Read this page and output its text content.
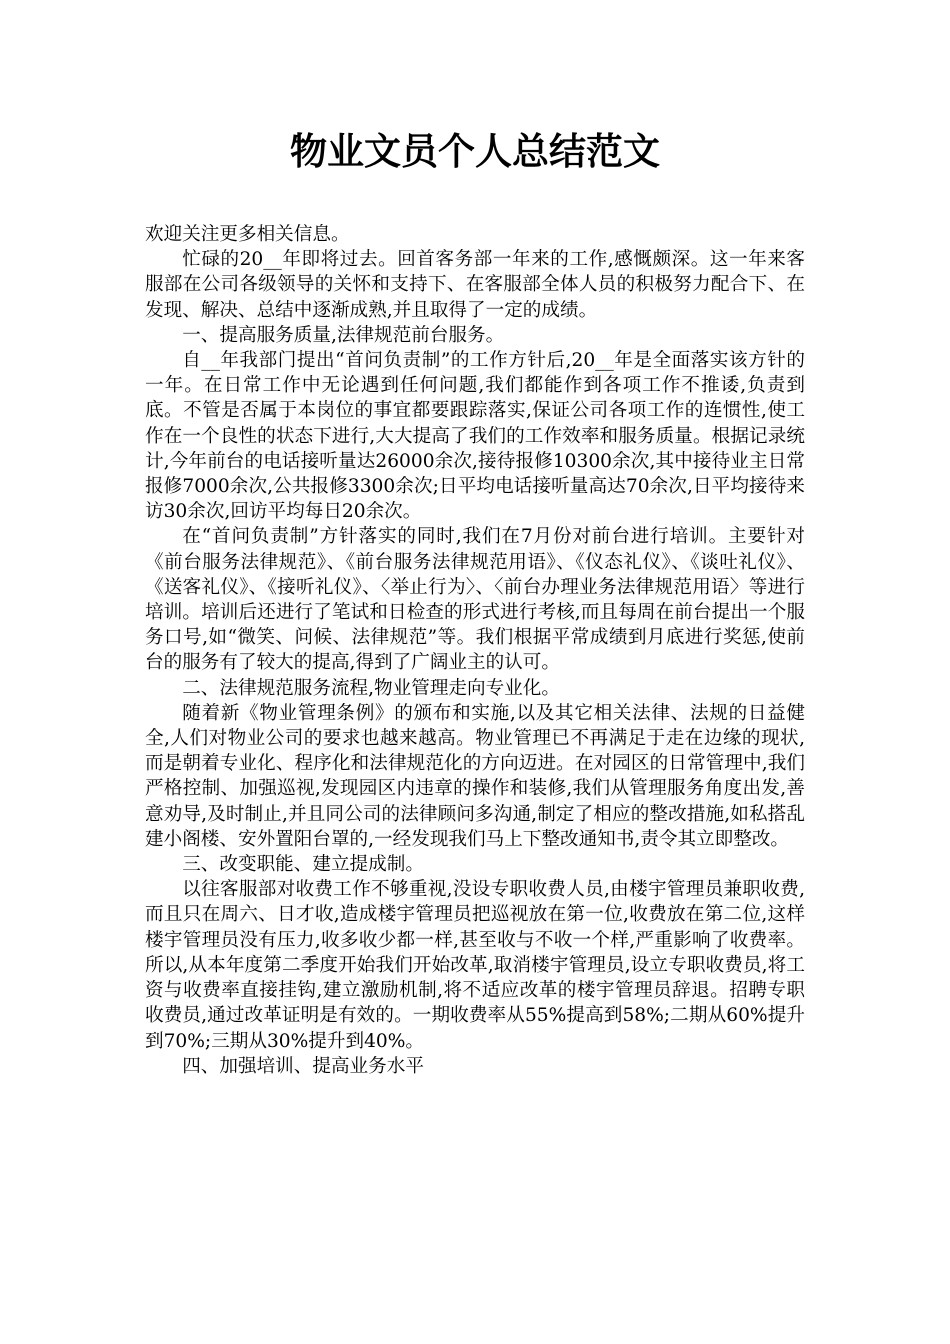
物业文员个人总结范文

欢迎关注更多相关信息。

忙碌的20__年即将过去。回首客务部一年来的工作,感慨颇深。这一年来客服部在公司各级领导的关怀和支持下、在客服部全体人员的积极努力配合下、在发现、解决、总结中逐渐成熟,并且取得了一定的成绩。

一、提高服务质量,法律规范前台服务。

自__年我部门提出“首问负责制”的工作方针后,20__年是全面落实该方针的一年。在日常工作中无论遇到任何问题,我们都能作到各项工作不推诿,负责到底。不管是否属于本岗位的事宜都要跟踪落实,保证公司各项工作的连惯性,使工作在一个良性的状态下进行,大大提高了我们的工作效率和服务质量。根据记录统计,今年前台的电话接听量达26000余次,接待报修10300余次,其中接待业主日常报修7000余次,公共报修3300余次;日平均电话接听量高达70余次,日平均接待来访30余次,回访平均每日20余次。

在“首问负责制”方针落实的同时,我们在7月份对前台进行培训。主要针对《前台服务法律规范》、《前台服务法律规范用语》、《仪态礼仪》、《谈吐礼仪》、《送客礼仪》、《接听礼仪》、〈举止行为〉、〈前台办理业务法律规范用语〉等进行培训。培训后还进行了笔试和日检查的形式进行考核,而且每周在前台提出一个服务口号,如“微笑、问候、法律规范”等。我们根据平常成绩到月底进行奖惩,使前台的服务有了较大的提高,得到了广阔业主的认可。

二、法律规范服务流程,物业管理走向专业化。

随着新《物业管理条例》的颁布和实施,以及其它相关法律、法规的日益健全,人们对物业公司的要求也越来越高。物业管理已不再满足于走在边缘的现状,而是朝着专业化、程序化和法律规范化的方向迈进。在对园区的日常管理中,我们严格控制、加强巡视,发现园区内违章的操作和装修,我们从管理服务角度出发,善意劝导,及时制止,并且同公司的法律顾问多沟通,制定了相应的整改措施,如私搭乱建小阁楼、安外置阳台罩的,一经发现我们马上下整改通知书,责令其立即整改。

三、改变职能、建立提成制。

以往客服部对收费工作不够重视,没设专职收费人员,由楼宇管理员兼职收费,而且只在周六、日才收,造成楼宇管理员把巡视放在第一位,收费放在第二位,这样楼宇管理员没有压力,收多收少都一样,甚至收与不收一个样,严重影响了收费率。所以,从本年度第二季度开始我们开始改革,取消楼宇管理员,设立专职收费员,将工资与收费率直接挂钩,建立激励机制,将不适应改革的楼宇管理员辞退。招聘专职收费员,通过改革证明是有效的。一期收费率从55%提高到58%;二期从60%提升到70%;三期从30%提升到40%。

四、加强培训、提高业务水平
